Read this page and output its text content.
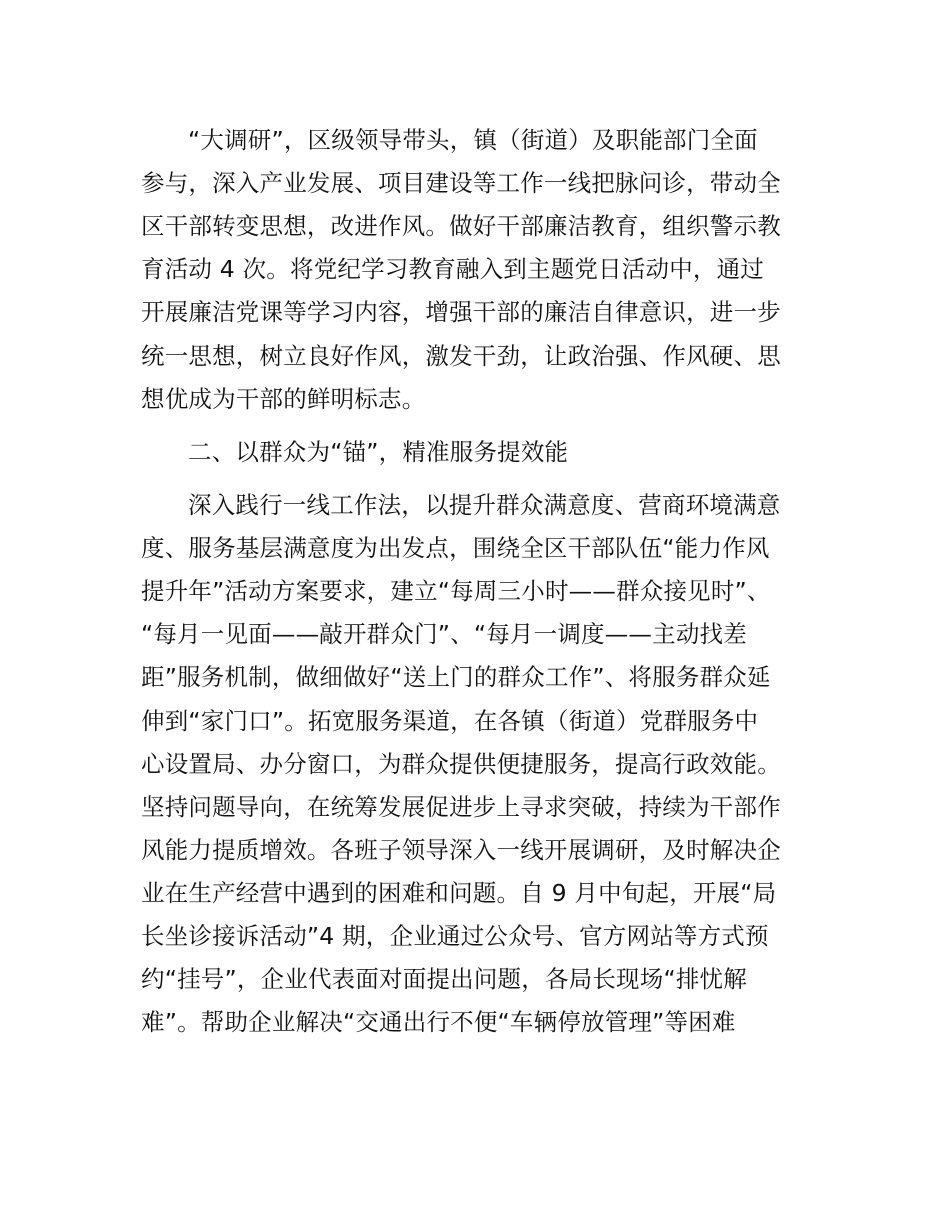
“大调研”，区级领导带头，镇（街道）及职能部门全面
参与，深入产业发展、项目建设等工作一线把脉问诊，带动全
区干部转变思想，改进作风。做好干部廉洁教育，组织警示教
育活动 4 次。将党纪学习教育融入到主题党日活动中，通过
开展廉洁党课等学习内容，增强干部的廉洁自律意识，进一步
统一思想，树立良好作风，激发干劲，让政治强、作风硬、思
想优成为干部的鲜明标志。
二、以群众为“锚”，精准服务提效能
深入践行一线工作法，以提升群众满意度、营商环境满意
度、服务基层满意度为出发点，围绕全区干部队伍“能力作风
提升年”活动方案要求，建立“每周三小时——群众接见时”、
“每月一见面——敲开群众门”、“每月一调度——主动找差
距”服务机制，做细做好“送上门的群众工作”、将服务群众延
伸到“家门口”。拓宽服务渠道，在各镇（街道）党群服务中
心设置局、办分窗口，为群众提供便捷服务，提高行政效能。
坚持问题导向，在统筹发展促进步上寻求突破，持续为干部作
风能力提质增效。各班子领导深入一线开展调研，及时解决企
业在生产经营中遇到的困难和问题。自 9 月中旬起，开展“局
长坐诊接诉活动”4 期，企业通过公众号、官方网站等方式预
约“挂号”，企业代表面对面提出问题，各局长现场“排忧解
难”。帮助企业解决“交通出行不便“车辆停放管理”等困难
